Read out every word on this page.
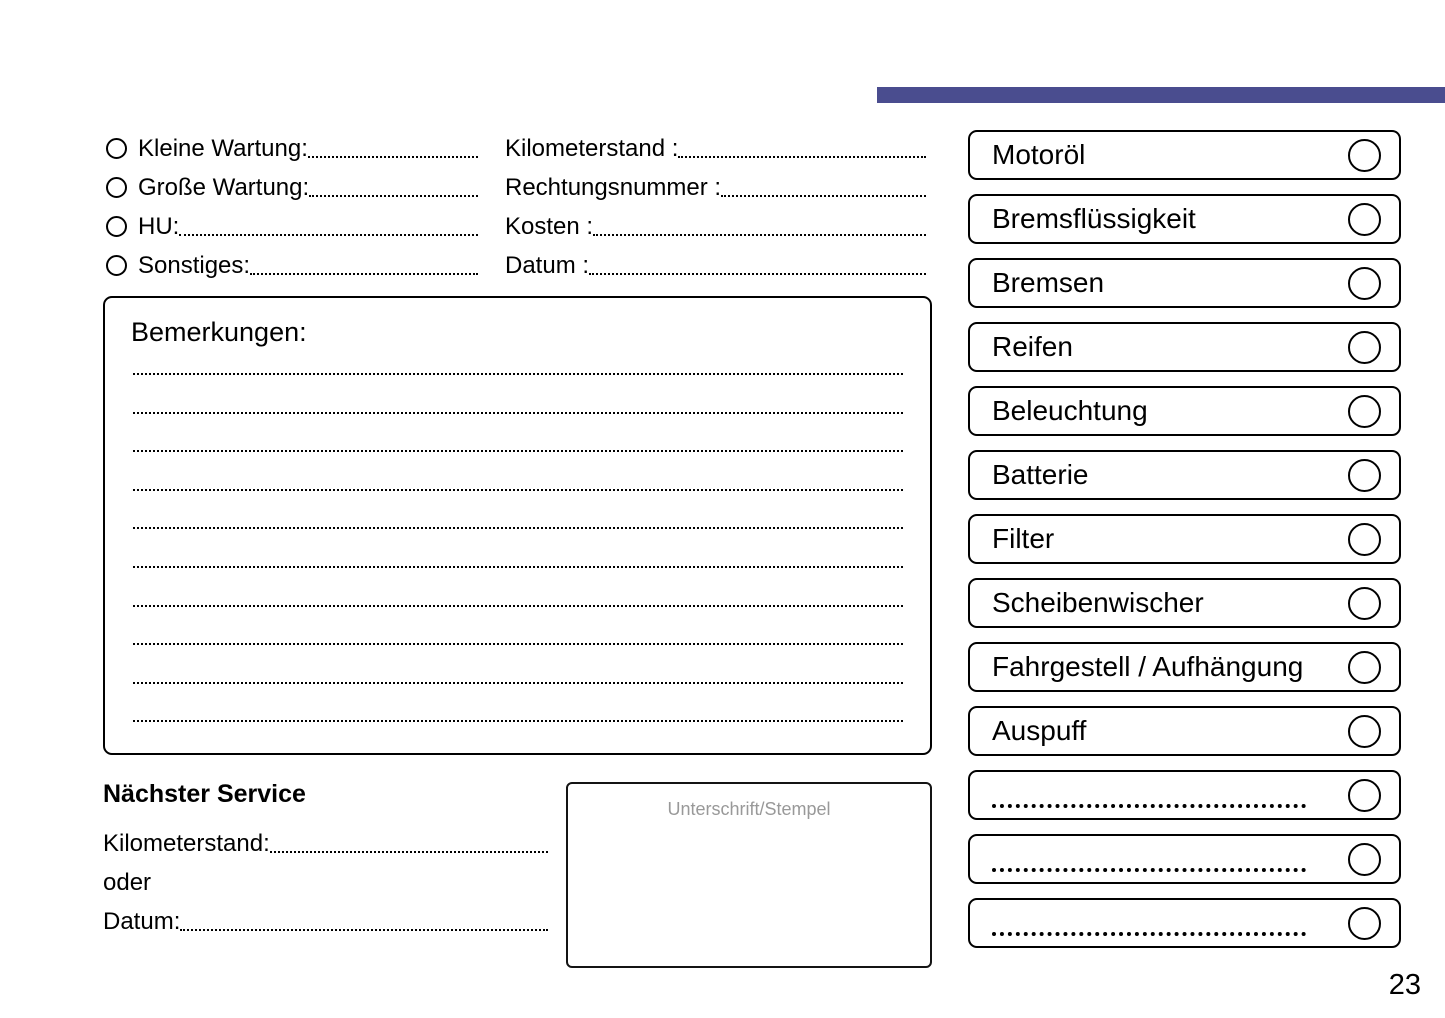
Kleine Wartung:
Große Wartung:
HU:
Sonstiges:
Kilometerstand :
Rechtungsnummer :
Kosten :
Datum :
Bemerkungen:
Nächster Service
Kilometerstand:
oder
Datum:
Unterschrift/Stempel
Motoröl
Bremsflüssigkeit
Bremsen
Reifen
Beleuchtung
Batterie
Filter
Scheibenwischer
Fahrgestell / Aufhängung
Auspuff
23
